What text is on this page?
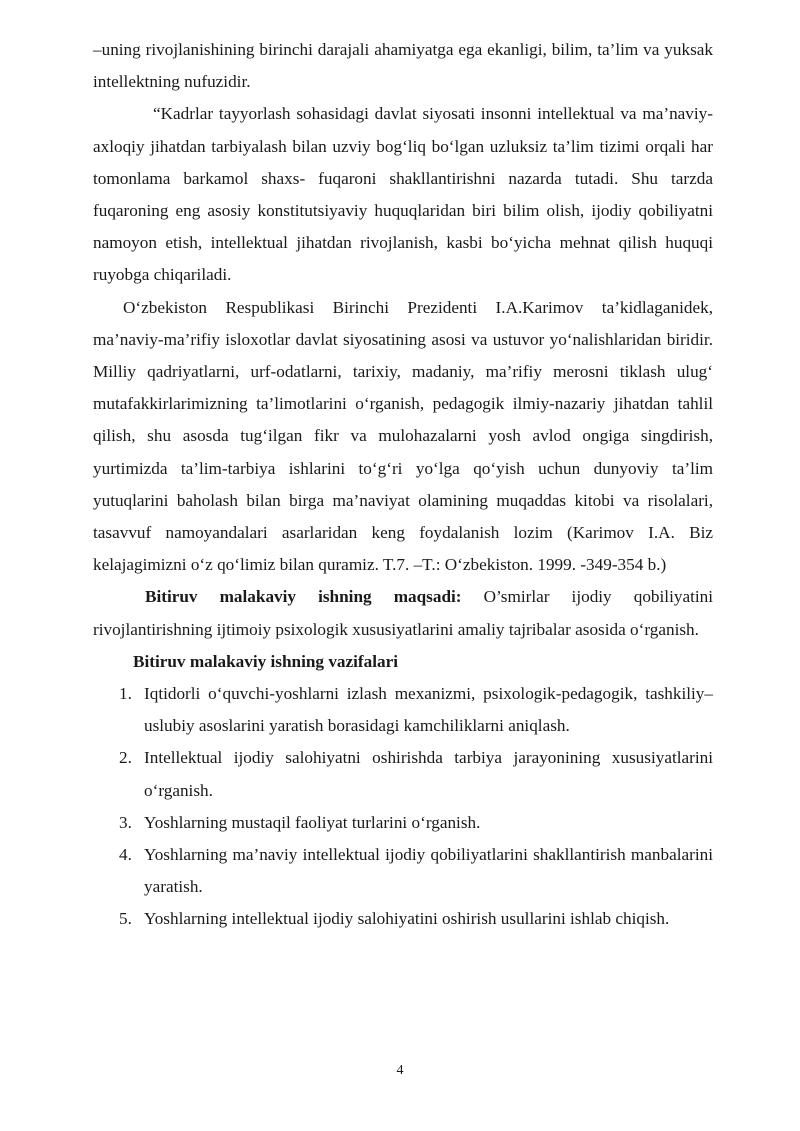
–uning rivojlanishining birinchi darajali ahamiyatga ega ekanligi, bilim, ta’lim va yuksak intellektning nufuzidir.

“Kadrlar tayyorlash sohasidagi davlat siyosati insonni intellektual va ma’naviy-axloqiy jihatdan tarbiyalash bilan uzviy bog‘liq bo‘lgan uzluksiz ta’lim tizimi orqali har tomonlama barkamol shaxs- fuqaroni shakllantirishni nazarda tutadi. Shu tarzda fuqaroning eng asosiy konstitutsiyaviy huquqlaridan biri bilim olish, ijodiy qobiliyatni namoyon etish, intellektual jihatdan rivojlanish, kasbi bo‘yicha mehnat qilish huquqi ruyobga chiqariladi.

O‘zbekiston Respublikasi Birinchi Prezidenti I.A.Karimov ta’kidlaganidek, ma’naviy-ma’rifiy isloxotlar davlat siyosatining asosi va ustuvor yo‘nalishlaridan biridir. Milliy qadriyatlarni, urf-odatlarni, tarixiy, madaniy, ma’rifiy merosni tiklash ulug‘ mutafakkirlarimizning ta’limotlarini o‘rganish, pedagogik ilmiy-nazariy jihatdan tahlil qilish, shu asosda tug‘ilgan fikr va mulohazalarni yosh avlod ongiga singdirish, yurtimizda ta’lim-tarbiya ishlarini to‘g‘ri yo‘lga qo‘yish uchun dunyoviy ta’lim yutuqlarini baholash bilan birga ma’naviyat olamining muqaddas kitobi va risolalari, tasavvuf namoyandalari asarlaridan keng foydalanish lozim (Karimov I.A. Biz kelajagimizni o‘z qo‘limiz bilan quramiz. T.7. –T.: O‘zbekiston. 1999. -349-354 b.)

Bitiruv malakaviy ishning maqsadi: O’smirlar ijodiy qobiliyatini rivojlantirishning ijtimoiy psixologik xususiyatlarini amaliy tajribalar asosida o‘rganish.

Bitiruv malakaviy ishning vazifalari

1. Iqtidorli o‘quvchi-yoshlarni izlash mexanizmi, psixologik-pedagogik, tashkiliy–uslubiy asoslarini yaratish borasidagi kamchiliklarni aniqlash.
2. Intellektual ijodiy salohiyatni oshirishda tarbiya jarayonining xususiyatlarini o‘rganish.
3. Yoshlarning mustaqil faoliyat turlarini o‘rganish.
4. Yoshlarning ma’naviy intellektual ijodiy qobiliyatlarini shakllantirish manbalarini yaratish.
5. Yoshlarning intellektual ijodiy salohiyatini oshirish usullarini ishlab chiqish.
4
